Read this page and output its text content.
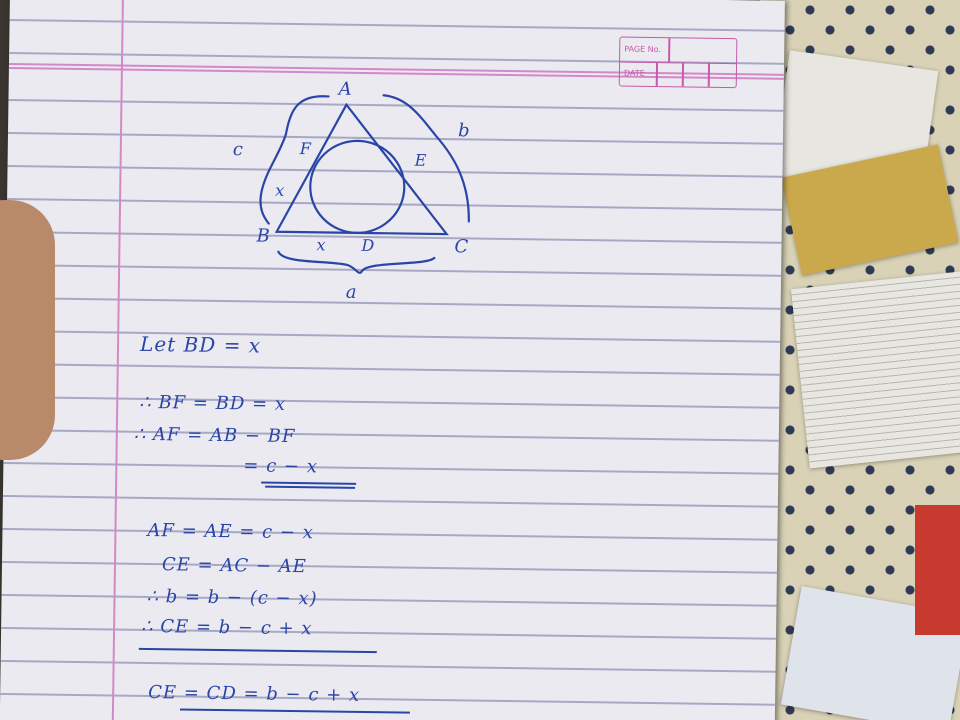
PAGE No.
DATE
A
B
C
D
E
F
a
b
c
x
x
Let BD = x
∴ BF = BD = x
∴ AF = AB − BF
= c − x
AF = AE = c − x
CE = AC − AE
∴ b = b − (c − x)
∴ CE = b − c + x
CE = CD = b − c + x
